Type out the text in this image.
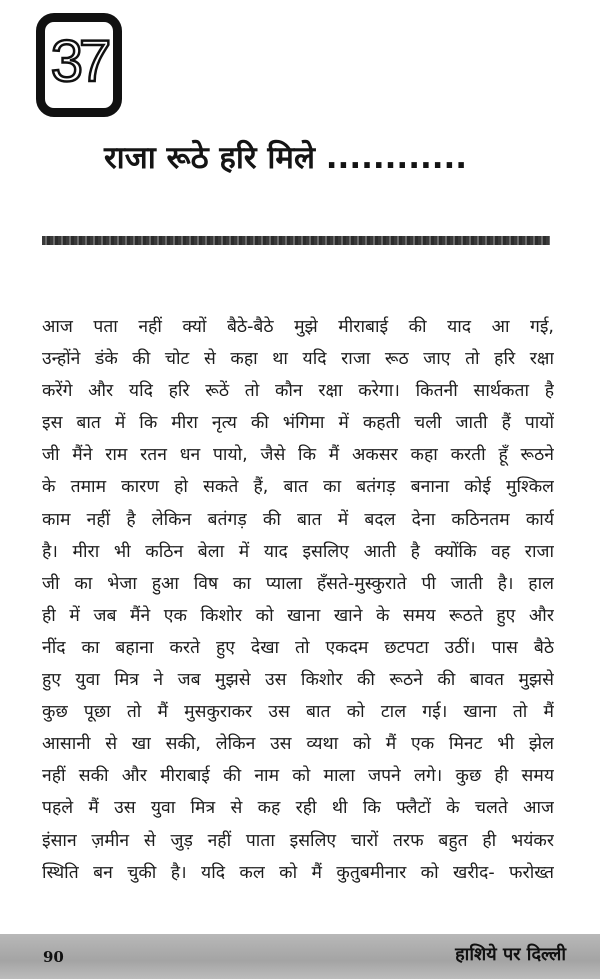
37
राजा रूठे हरि मिले ............
आज पता नहीं क्यों बैठे-बैठे मुझे मीराबाई की याद आ गई,
उन्होंने डंके की चोट से कहा था यदि राजा रूठ जाए तो हरि रक्षा
करेंगे और यदि हरि रूठें तो कौन रक्षा करेगा। कितनी सार्थकता है
इस बात में कि मीरा नृत्य की भंगिमा में कहती चली जाती हैं पायों
जी मैंने राम रतन धन पायो, जैसे कि मैं अकसर कहा करती हूँ रूठने
के तमाम कारण हो सकते हैं, बात का बतंगड़ बनाना कोई मुश्किल
काम नहीं है लेकिन बतंगड़ की बात में बदल देना कठिनतम कार्य
है। मीरा भी कठिन बेला में याद इसलिए आती है क्योंकि वह राजा
जी का भेजा हुआ विष का प्याला हँसते-मुस्कुराते पी जाती है। हाल
ही में जब मैंने एक किशोर को खाना खाने के समय रूठते हुए और
नींद का बहाना करते हुए देखा तो एकदम छटपटा उठीं। पास बैठे
हुए युवा मित्र ने जब मुझसे उस किशोर की रूठने की बावत मुझसे
कुछ पूछा तो मैं मुसकुराकर उस बात को टाल गई। खाना तो मैं
आसानी से खा सकी, लेकिन उस व्यथा को मैं एक मिनट भी झेल
नहीं सकी और मीराबाई की नाम को माला जपने लगे। कुछ ही समय
पहले मैं उस युवा मित्र से कह रही थी कि फ्लैटों के चलते आज
इंसान ज़मीन से जुड़ नहीं पाता इसलिए चारों तरफ बहुत ही भयंकर
स्थिति बन चुकी है। यदि कल को मैं कुतुबमीनार को खरीद- फरोख्त
90	हाशिये पर दिल्ली
